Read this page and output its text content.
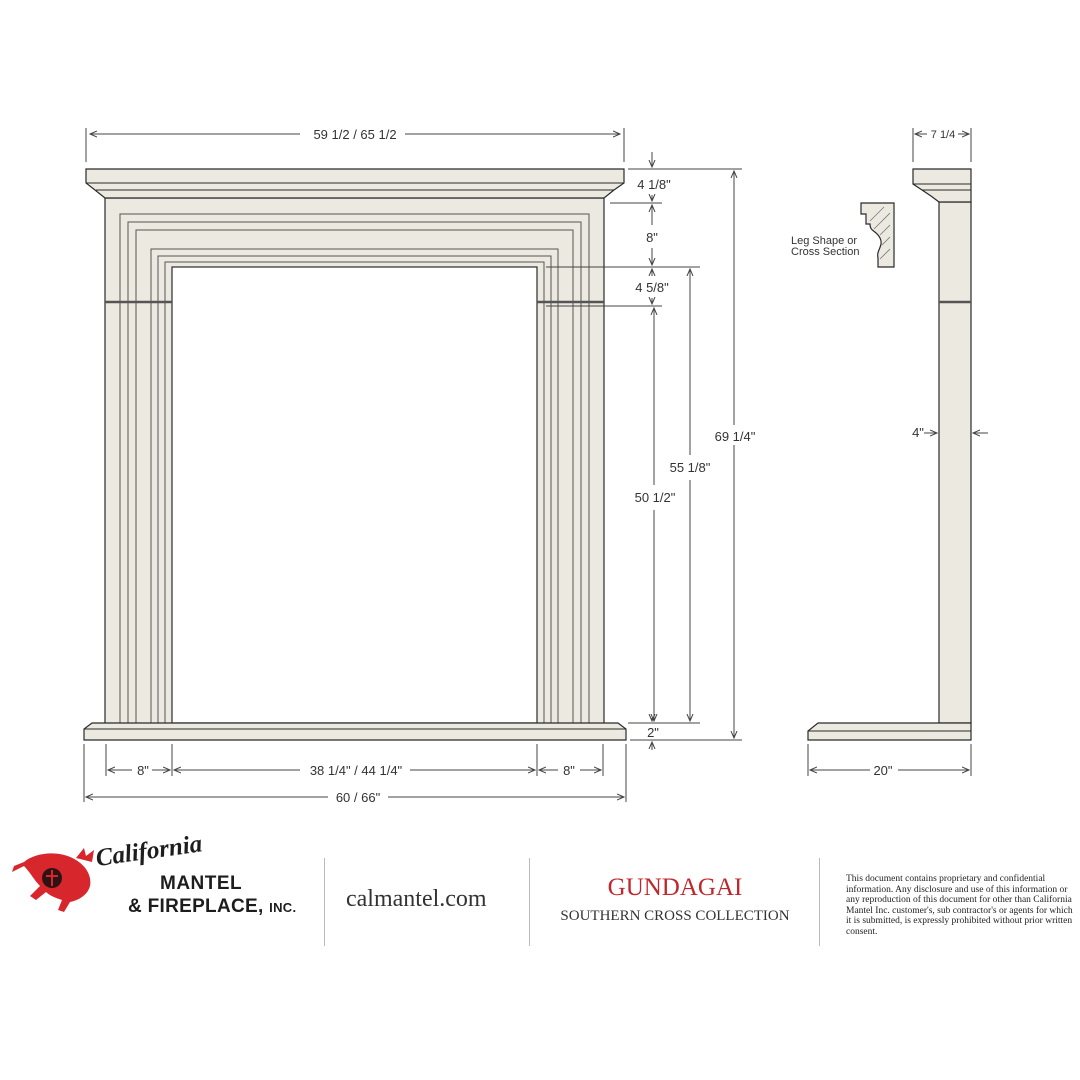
59 1/2 / 65 1/2
4 1/8"
8"
4 5/8"
69 1/4"
55 1/8"
50 1/2"
2"
8"	38 1/4" / 44 1/4"	8"
60 / 66"
Leg Shape or
Cross Section
7 1/4
4"
20"
California
MANTEL
& FIREPLACE, INC. calmantel.com	GUNDAGAI
SOUTHERN CROSS COLLECTION
This document contains proprietary and confidential information. Any disclosure and use of this information or any reproduction of this document for other than California Mantel Inc. customer's, sub contractor's or agents for which it is submitted, is expressly prohibited without prior written consent.
